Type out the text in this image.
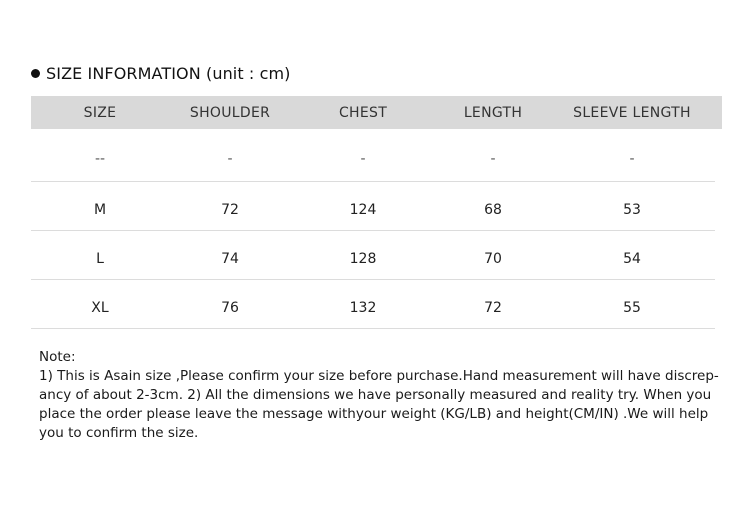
SIZE INFORMATION (unit : cm)
SIZE	SHOULDER	CHEST	LENGTH	SLEEVE LENGTH
--	-	-	-	-
M	72	124	68	53
L	74	128	70	54
XL	76	132	72	55

Note:

1) This is Asain size ,Please confirm your size before purchase.Hand measurement will have discrep-

ancy of about 2-3cm. 2) All the dimensions we have personally measured and reality try. When you

place the order please leave the message withyour weight (KG/LB) and height(CM/IN) .We will help

you to confirm the size.
